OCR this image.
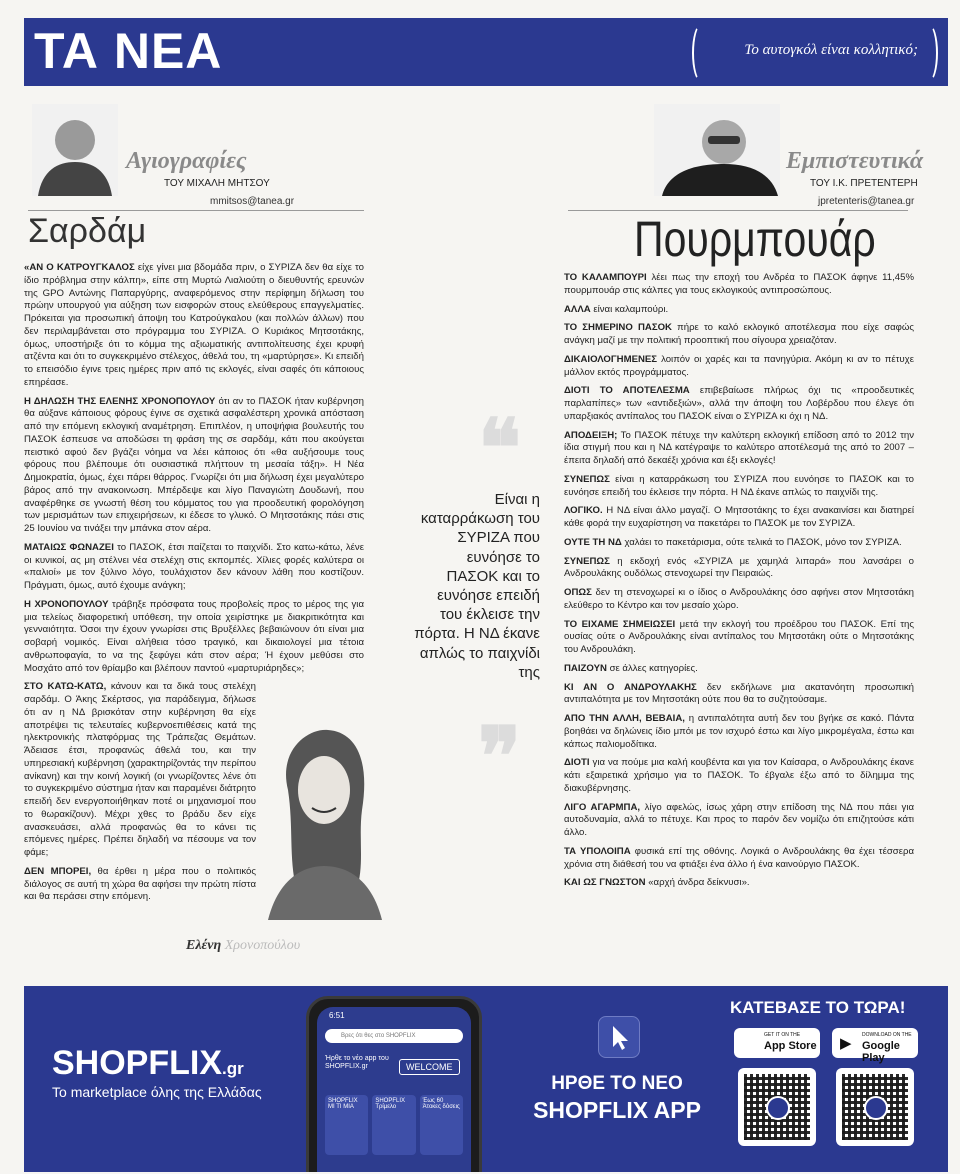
ΤΑ ΝΕΑ	Το αυτογκόλ είναι κολλητικό;
Αγιογραφίες
ΤΟΥ ΜΙΧΑΛΗ ΜΗΤΣΟΥ
mmitsos@tanea.gr
Σαρδάμ

«ΑΝ Ο ΚΑΤΡΟΥΓΚΑΛΟΣ είχε γίνει μια βδομάδα πριν, ο ΣΥΡΙΖΑ δεν θα είχε το ίδιο πρόβλημα στην κάλπη», είπε στη Μυρτώ Λιαλιούτη ο διευθυντής ερευνών της GPO Αντώνης Παπαργύρης, αναφερόμενος στην περίφημη δήλωση του πρώην υπουργού για αύξηση των εισφορών στους ελεύθερους επαγγελματίες. Πρόκειται για προσωπική άποψη του Κατρούγκαλου (και πολλών άλλων) που δεν περιλαμβάνεται στο πρόγραμμα του ΣΥΡΙΖΑ. Ο Κυριάκος Μητσοτάκης, όμως, υποστήριξε ότι το κόμμα της αξιωματικής αντιπολίτευσης έχει κρυφή ατζέντα και ότι το συγκεκριμένο στέλεχος, άθελά του, τη «μαρτύρησε». Κι επειδή το επεισόδιο έγινε τρεις ημέρες πριν από τις εκλογές, είναι σαφές ότι κάποιους επηρέασε.

Η ΔΗΛΩΣΗ ΤΗΣ ΕΛΕΝΗΣ ΧΡΟΝΟΠΟΥΛΟΥ ότι αν το ΠΑΣΟΚ ήταν κυβέρνηση θα αύξανε κάποιους φόρους έγινε σε σχετικά ασφαλέστερη χρονικά απόσταση από την επόμενη εκλογική αναμέτρηση. Επιπλέον, η υποψήφια βουλευτής του ΠΑΣΟΚ έσπευσε να αποδώσει τη φράση της σε σαρδάμ, κάτι που ακούγεται πειστικό αφού δεν βγάζει νόημα να λέει κάποιος ότι «θα αυξήσουμε τους φόρους που βλέπουμε ότι ουσιαστικά πλήττουν τη μεσαία τάξη». Η Νέα Δημοκρατία, όμως, έχει πάρει θάρρος. Γνωρίζει ότι μια δήλωση έχει μεγαλύτερο βάρος από την ανακοινωση. Μπέρδεψε και λίγο Παναγιώτη Δουδωνή, που αναφέρθηκε σε γνωστή θέση του κόμματος του για προοδευτική φορολόγηση των μερισμάτων των επιχειρήσεων, κι έδεσε το γλυκό. Ο Μητσοτάκης πάει στις 25 Ιουνίου να τινάξει την μπάνκα στον αέρα.

ΜΑΤΑΙΩΣ ΦΩΝΑΖΕΙ το ΠΑΣΟΚ, έτσι παίζεται το παιχνίδι. Στο κατω-κάτω, λένε οι κυνικοί, ας μη στέλνει νέα στελέχη στις εκπομπές. Χίλιες φορές καλύτερα οι «παλιοί» με τον ξύλινο λόγο, τουλάχιστον δεν κάνουν λάθη που κοστίζουν. Πράγματι, όμως, αυτό έχουμε ανάγκη;

Η ΧΡΟΝΟΠΟΥΛΟΥ τράβηξε πρόσφατα τους προβολείς προς το μέρος της για μια τελείως διαφορετική υπόθεση, την οποία χειρίστηκε με διακριτικότητα και γενναιότητα. Όσοι την έχουν γνωρίσει στις Βρυξέλλες βεβαιώνουν ότι είναι μια σοβαρή νομικός. Είναι αλήθεια τόσο τραγικό, και δικαιολογεί μια τέτοια ανθρωποφαγία, το να της ξεφύγει κάτι στον αέρα; Ή έχουν μεθύσει στο Μοσχάτο από τον θρίαμβο και βλέπουν παντού «μαρτυριάρηδες»;

ΣΤΟ ΚΑΤΩ-ΚΑΤΩ, κάνουν και τα δικά τους στελέχη σαρδάμ. Ο Άκης Σκέρτσος, για παράδειγμα, δήλωσε ότι αν η ΝΔ βρισκόταν στην κυβέρνηση θα είχε αποτρέψει τις τελευταίες κυβερνοεπιθέσεις κατά της ηλεκτρονικής πλατφόρμας της Τράπεζας Θεμάτων. Άδειασε έτσι, προφανώς άθελά του, και την υπηρεσιακή κυβέρνηση (χαρακτηρίζοντάς την περίπου ανίκανη) και την κοινή λογική (οι γνωρίζοντες λένε ότι το συγκεκριμένο σύστημα ήταν και παραμένει διάτρητο επειδή δεν ενεργοποιήθηκαν ποτέ οι μηχανισμοί που το θωρακίζουν). Μέχρι χθες το βράδυ δεν είχε ανασκευάσει, αλλά προφανώς θα το κάνει τις επόμενες ημέρες. Πρέπει δηλαδή να πέσουμε να τον φάμε;

ΔΕΝ ΜΠΟΡΕΙ, θα έρθει η μέρα που ο πολιτικός διάλογος σε αυτή τη χώρα θα αφήσει την πρώτη πίστα και θα περάσει στην επόμενη.

Ελένη Χρονοπούλου
❝
Είναι η καταρράκωση του ΣΥΡΙΖΑ που ευνόησε το ΠΑΣΟΚ και το ευνόησε επειδή του έκλεισε την πόρτα. Η ΝΔ έκανε απλώς το παιχνίδι της
❞
Εμπιστευτικά
ΤΟΥ Ι.Κ. ΠΡΕΤΕΝΤΕΡΗ
jpretenteris@tanea.gr
Πουρμπουάρ

ΤΟ ΚΑΛΑΜΠΟΥΡΙ λέει πως την εποχή του Ανδρέα το ΠΑΣΟΚ άφηνε 11,45% πουρμπουάρ στις κάλπες για τους εκλογικούς αντιπροσώπους.

ΑΛΛΑ είναι καλαμπούρι.

ΤΟ ΣΗΜΕΡΙΝΟ ΠΑΣΟΚ πήρε το καλό εκλογικό αποτέλεσμα που είχε σαφώς ανάγκη μαζί με την πολιτική προοπτική που σίγουρα χρειαζόταν.

ΔΙΚΑΙΟΛΟΓΗΜΕΝΕΣ λοιπόν οι χαρές και τα πανηγύρια. Ακόμη κι αν το πέτυχε μάλλον εκτός προγράμματος.

ΔΙΟΤΙ ΤΟ ΑΠΟΤΕΛΕΣΜΑ επιβεβαίωσε πλήρως όχι τις «προοδευτικές παρλαπίπες» των «αντιδεξιών», αλλά την άποψη του Λοβέρδου που έλεγε ότι υπαρξιακός αντίπαλος του ΠΑΣΟΚ είναι ο ΣΥΡΙΖΑ κι όχι η ΝΔ.

ΑΠΟΔΕΙΞΗ; Το ΠΑΣΟΚ πέτυχε την καλύτερη εκλογική επίδοση από το 2012 την ίδια στιγμή που και η ΝΔ κατέγραψε το καλύτερο αποτέλεσμά της από το 2007 – έπειτα δηλαδή από δεκαέξι χρόνια και έξι εκλογές!

ΣΥΝΕΠΩΣ είναι η καταρράκωση του ΣΥΡΙΖΑ που ευνόησε το ΠΑΣΟΚ και το ευνόησε επειδή του έκλεισε την πόρτα. Η ΝΔ έκανε απλώς το παιχνίδι της.

ΛΟΓΙΚΟ. Η ΝΔ είναι άλλο μαγαζί. Ο Μητσοτάκης το έχει ανακαινίσει και διατηρεί κάθε φορά την ευχαρίστηση να πακετάρει το ΠΑΣΟΚ με τον ΣΥΡΙΖΑ.

ΟΥΤΕ ΤΗ ΝΔ χαλάει το πακετάρισμα, ούτε τελικά το ΠΑΣΟΚ, μόνο τον ΣΥΡΙΖΑ.

ΣΥΝΕΠΩΣ η εκδοχή ενός «ΣΥΡΙΖΑ με χαμηλά λιπαρά» που λανσάρει ο Ανδρουλάκης ουδόλως στενοχωρεί την Πειραιώς.

ΟΠΩΣ δεν τη στενοχωρεί κι ο ίδιος ο Ανδρουλάκης όσο αφήνει στον Μητσοτάκη ελεύθερο το Κέντρο και τον μεσαίο χώρο.

ΤΟ ΕΙΧΑΜΕ ΣΗΜΕΙΩΣΕΙ μετά την εκλογή του προέδρου του ΠΑΣΟΚ. Επί της ουσίας ούτε ο Ανδρουλάκης είναι αντίπαλος του Μητσοτάκη ούτε ο Μητσοτάκης του Ανδρουλάκη.

ΠΑΙΖΟΥΝ σε άλλες κατηγορίες.

ΚΙ ΑΝ Ο ΑΝΔΡΟΥΛΑΚΗΣ δεν εκδήλωνε μια ακατανόητη προσωπική αντιπαλότητα με τον Μητσοτάκη ούτε που θα το συζητούσαμε.

ΑΠΟ ΤΗΝ ΑΛΛΗ, ΒΕΒΑΙΑ, η αντιπαλότητα αυτή δεν του βγήκε σε κακό. Πάντα βοηθάει να δηλώνεις ίδιο μπόι με τον ισχυρό έστω και λίγο μικρομέγαλα, έστω και κάπως παλιομοδίτικα.

ΔΙΟΤΙ για να πούμε μια καλή κουβέντα και για τον Καίσαρα, ο Ανδρουλάκης έκανε κάτι εξαιρετικά χρήσιμο για το ΠΑΣΟΚ. Το έβγαλε έξω από το δίλημμα της διακυβέρνησης.

ΛΙΓΟ ΑΓΑΡΜΠΑ, λίγο αφελώς, ίσως χάρη στην επίδοση της ΝΔ που πάει για αυτοδυναμία, αλλά το πέτυχε. Και προς το παρόν δεν νομίζω ότι επιζητούσε κάτι άλλο.

ΤΑ ΥΠΟΛΟΙΠΑ φυσικά επί της οθόνης. Λογικά ο Ανδρουλάκης θα έχει τέσσερα χρόνια στη διάθεσή του να φτιάξει ένα άλλο ή ένα καινούργιο ΠΑΣΟΚ.

ΚΑΙ ΩΣ ΓΝΩΣΤΟΝ «αρχή άνδρα δείκνυσι».

SHOPFLIX.gr
Το marketplace όλης της Ελλάδας
6:51
Βρες ότι θες στο SHOPFLIX
Ήρθε το νέο app του SHOPFLIX.gr	WELCOME
SHOPFLIX ΜΙ ΤΙ ΜΙΑ
SHOPFLIX Τρίμελο
Έως 60 Άτοκες δόσεις
ΗΡΘΕ ΤΟ ΝΕΟ
SHOPFLIX APP
ΚΑΤΕΒΑΣΕ ΤΟ ΤΩΡΑ!
GET IT ON THE
App Store ▶ DOWNLOAD ON THE
Google Play
